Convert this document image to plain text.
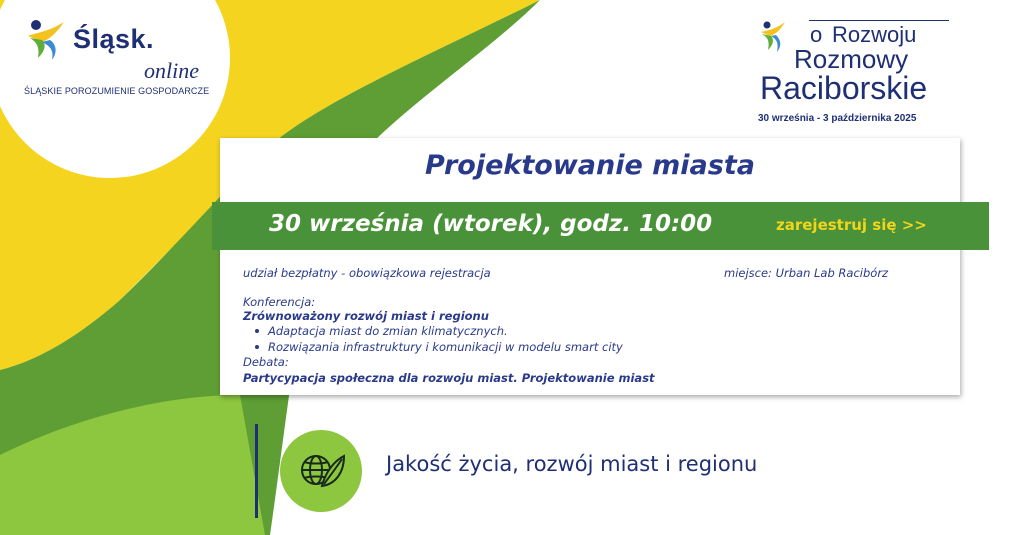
Śląsk.
online
ŚLĄSKIE POROZUMIENIE GOSPODARCZE
o Rozwoju
Rozmowy
Raciborskie
30 września - 3 października 2025
Projektowanie miasta
30 września (wtorek), godz. 10:00	zarejestruj się >>
udział bezpłatny - obowiązkowa rejestracja	miejsce: Urban Lab Racibórz
Konferencja:
Zrównoważony rozwój miast i regionu
Adaptacja miast do zmian klimatycznych.
Rozwiązania infrastruktury i komunikacji w modelu smart city
Debata:
Partycypacja społeczna dla rozwoju miast. Projektowanie miast
Jakość życia, rozwój miast i regionu
